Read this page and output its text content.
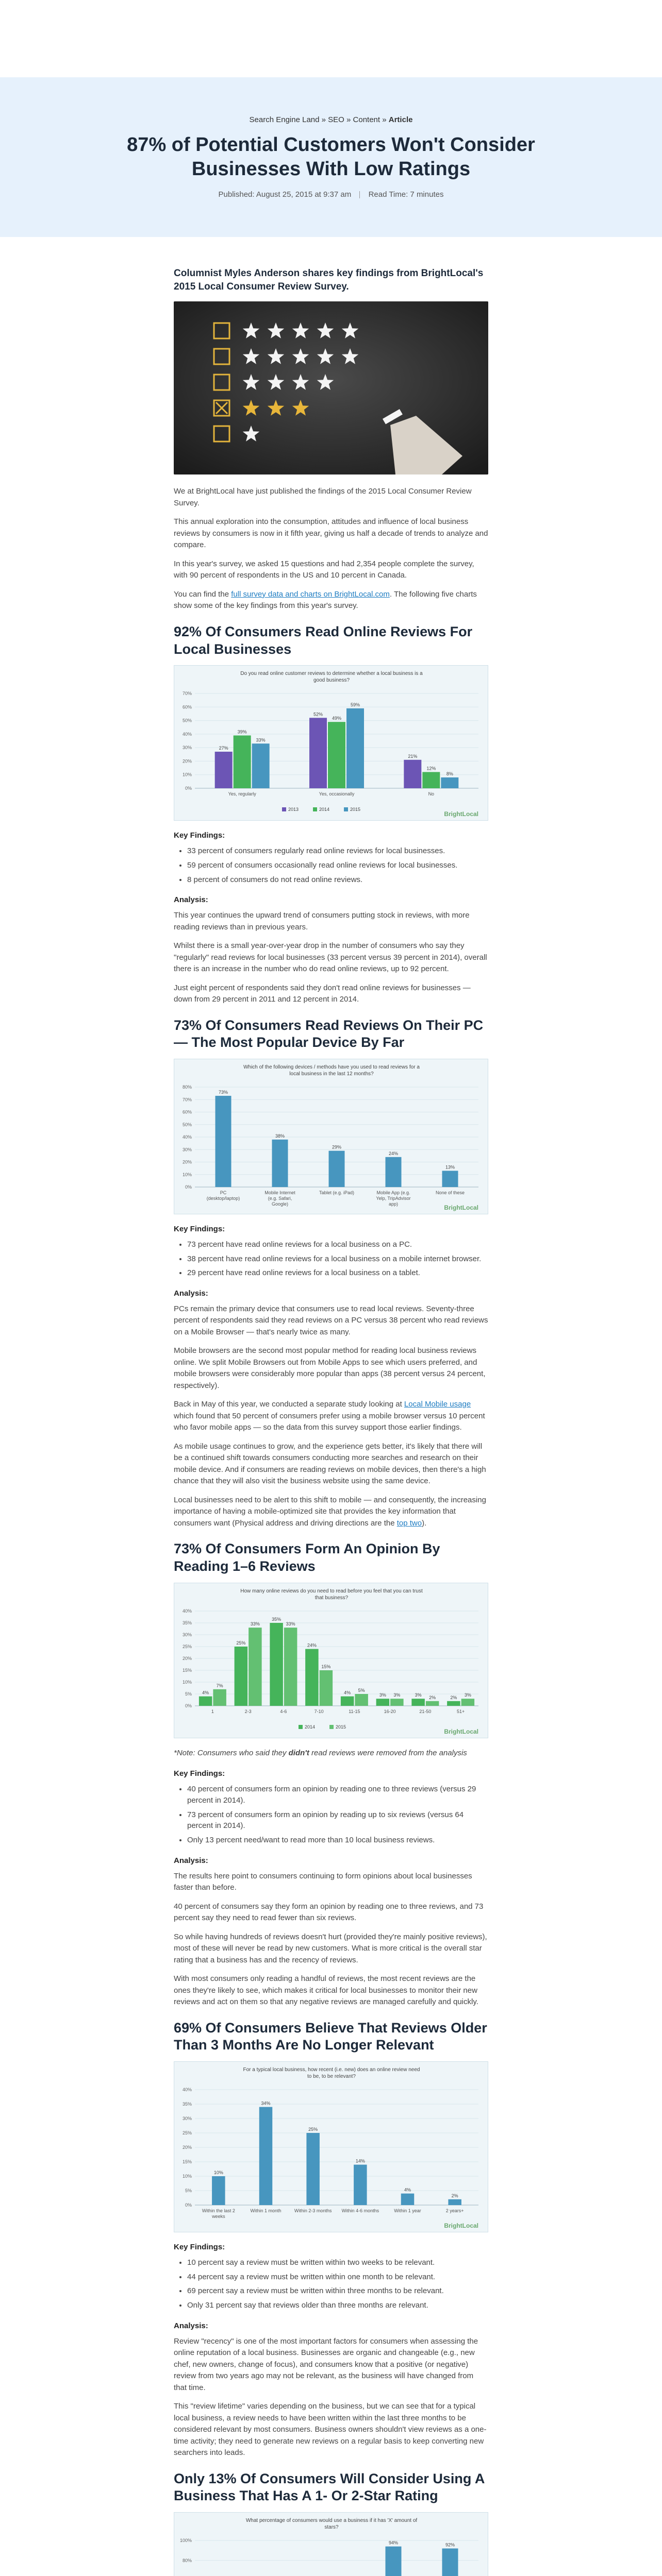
Search Engine Land » SEO » Content » Article
87% of Potential Customers Won't Consider Businesses With Low Ratings
Published: August 25, 2015 at 9:37 am Read Time: 7 minutes
Columnist Myles Anderson shares key findings from BrightLocal's 2015 Local Consumer Review Survey.

We at BrightLocal have just published the findings of the 2015 Local Consumer Review Survey.

This annual exploration into the consumption, attitudes and influence of local business reviews by consumers is now in it fifth year, giving us half a decade of trends to analyze and compare.

In this year's survey, we asked 15 questions and had 2,354 people complete the survey, with 90 percent of respondents in the US and 10 percent in Canada.

You can find the full survey data and charts on BrightLocal.com. The following five charts show some of the key findings from this year's survey.

92% Of Consumers Read Online Reviews For Local Businesses
Do you read online customer reviews to determine whether a local business is a
good business?
0%
10%
20%
30%
40%
50%
60%
70%
27%
39%
33%
Yes, regularly
52%
49%
59%
Yes, occasionally
21%
12%
8%
No
2013	2014	2015
BrightLocal
Key Findings:
• 33 percent of consumers regularly read online reviews for local businesses.
• 59 percent of consumers occasionally read online reviews for local businesses.
• 8 percent of consumers do not read online reviews.
Analysis:

This year continues the upward trend of consumers putting stock in reviews, with more reading reviews than in previous years.

Whilst there is a small year-over-year drop in the number of consumers who say they "regularly" read reviews for local businesses (33 percent versus 39 percent in 2014), overall there is an increase in the number who do read online reviews, up to 92 percent.

Just eight percent of respondents said they don't read online reviews for businesses — down from 29 percent in 2011 and 12 percent in 2014.

73% Of Consumers Read Reviews On Their PC — The Most Popular Device By Far
Which of the following devices / methods have you used to read reviews for a
local business in the last 12 months?
0%
10%
20%
30%
40%
50%
60%
70%
80%
73%
PC
(desktop/laptop)
38%
Mobile Internet
(e.g. Safari,
Google)
29%
Tablet (e.g. iPad)
24%
Mobile App (e.g.
Yelp, TripAdvisor
app)
13%
None of these
BrightLocal
Key Findings:
• 73 percent have read online reviews for a local business on a PC.
• 38 percent have read online reviews for a local business on a mobile internet browser.
• 29 percent have read online reviews for a local business on a tablet.
Analysis:

PCs remain the primary device that consumers use to read local reviews. Seventy-three percent of respondents said they read reviews on a PC versus 38 percent who read reviews on a Mobile Browser — that's nearly twice as many.

Mobile browsers are the second most popular method for reading local business reviews online. We split Mobile Browsers out from Mobile Apps to see which users preferred, and mobile browsers were considerably more popular than apps (38 percent versus 24 percent, respectively).

Back in May of this year, we conducted a separate study looking at Local Mobile usage which found that 50 percent of consumers prefer using a mobile browser versus 10 percent who favor mobile apps — so the data from this survey support those earlier findings.

As mobile usage continues to grow, and the experience gets better, it's likely that there will be a continued shift towards consumers conducting more searches and research on their mobile device. And if consumers are reading reviews on mobile devices, then there's a high chance that they will also visit the business website using the same device.

Local businesses need to be alert to this shift to mobile — and consequently, the increasing importance of having a mobile-optimized site that provides the key information that consumers want (Physical address and driving directions are the top two).

73% Of Consumers Form An Opinion By Reading 1–6 Reviews
How many online reviews do you need to read before you feel that you can trust
that business?
0%
5%
10%
15%
20%
25%
30%
35%
40%
4%
7%
1
25%
33%
2-3
35%
33%
4-6
24%
15%
7-10
4% 5%
11-15
3% 3%
16-20
3% 2%
21-50
2% 3%
51+
2014	2015
BrightLocal

*Note: Consumers who said they didn't read reviews were removed from the analysis

Key Findings:
• 40 percent of consumers form an opinion by reading one to three reviews (versus 29 percent in 2014).
• 73 percent of consumers form an opinion by reading up to six reviews (versus 64 percent in 2014).
• Only 13 percent need/want to read more than 10 local business reviews.
Analysis:

The results here point to consumers continuing to form opinions about local businesses faster than before.

40 percent of consumers say they form an opinion by reading one to three reviews, and 73 percent say they need to read fewer than six reviews.

So while having hundreds of reviews doesn't hurt (provided they're mainly positive reviews), most of these will never be read by new customers. What is more critical is the overall star rating that a business has and the recency of reviews.

With most consumers only reading a handful of reviews, the most recent reviews are the ones they're likely to see, which makes it critical for local businesses to monitor their new reviews and act on them so that any negative reviews are managed carefully and quickly.

69% Of Consumers Believe That Reviews Older Than 3 Months Are No Longer Relevant
For a typical local business, how recent (i.e. new) does an online review need
to be, to be relevant?
0%
5%
10%
15%
20%
25%
30%
35%
40%
10%
Within the last 2
weeks
34%
Within 1 month
25%
Within 2-3 months
14%
Within 4-6 months
4%
Within 1 year
2%
2 years+
BrightLocal
Key Findings:
• 10 percent say a review must be written within two weeks to be relevant.
• 44 percent say a review must be written within one month to be relevant.
• 69 percent say a review must be written within three months to be relevant.
• Only 31 percent say that reviews older than three months are relevant.
Analysis:

Review "recency" is one of the most important factors for consumers when assessing the online reputation of a local business. Businesses are organic and changeable (e.g., new chef, new owners, change of focus), and consumers know that a positive (or negative) review from two years ago may not be relevant, as the business will have changed from that time.

This "review lifetime" varies depending on the business, but we can see that for a typical local business, a review needs to have been written within the last three months to be considered relevant by most consumers. Business owners shouldn't view reviews as a one-time activity; they need to generate new reviews on a regular basis to keep converting new searchers into leads.

Only 13% Of Consumers Will Consider Using A Business That Has A 1- Or 2-Star Rating
What percentage of consumers would use a business if it has 'X' amount of
stars?
80%
100%	94%	92%
